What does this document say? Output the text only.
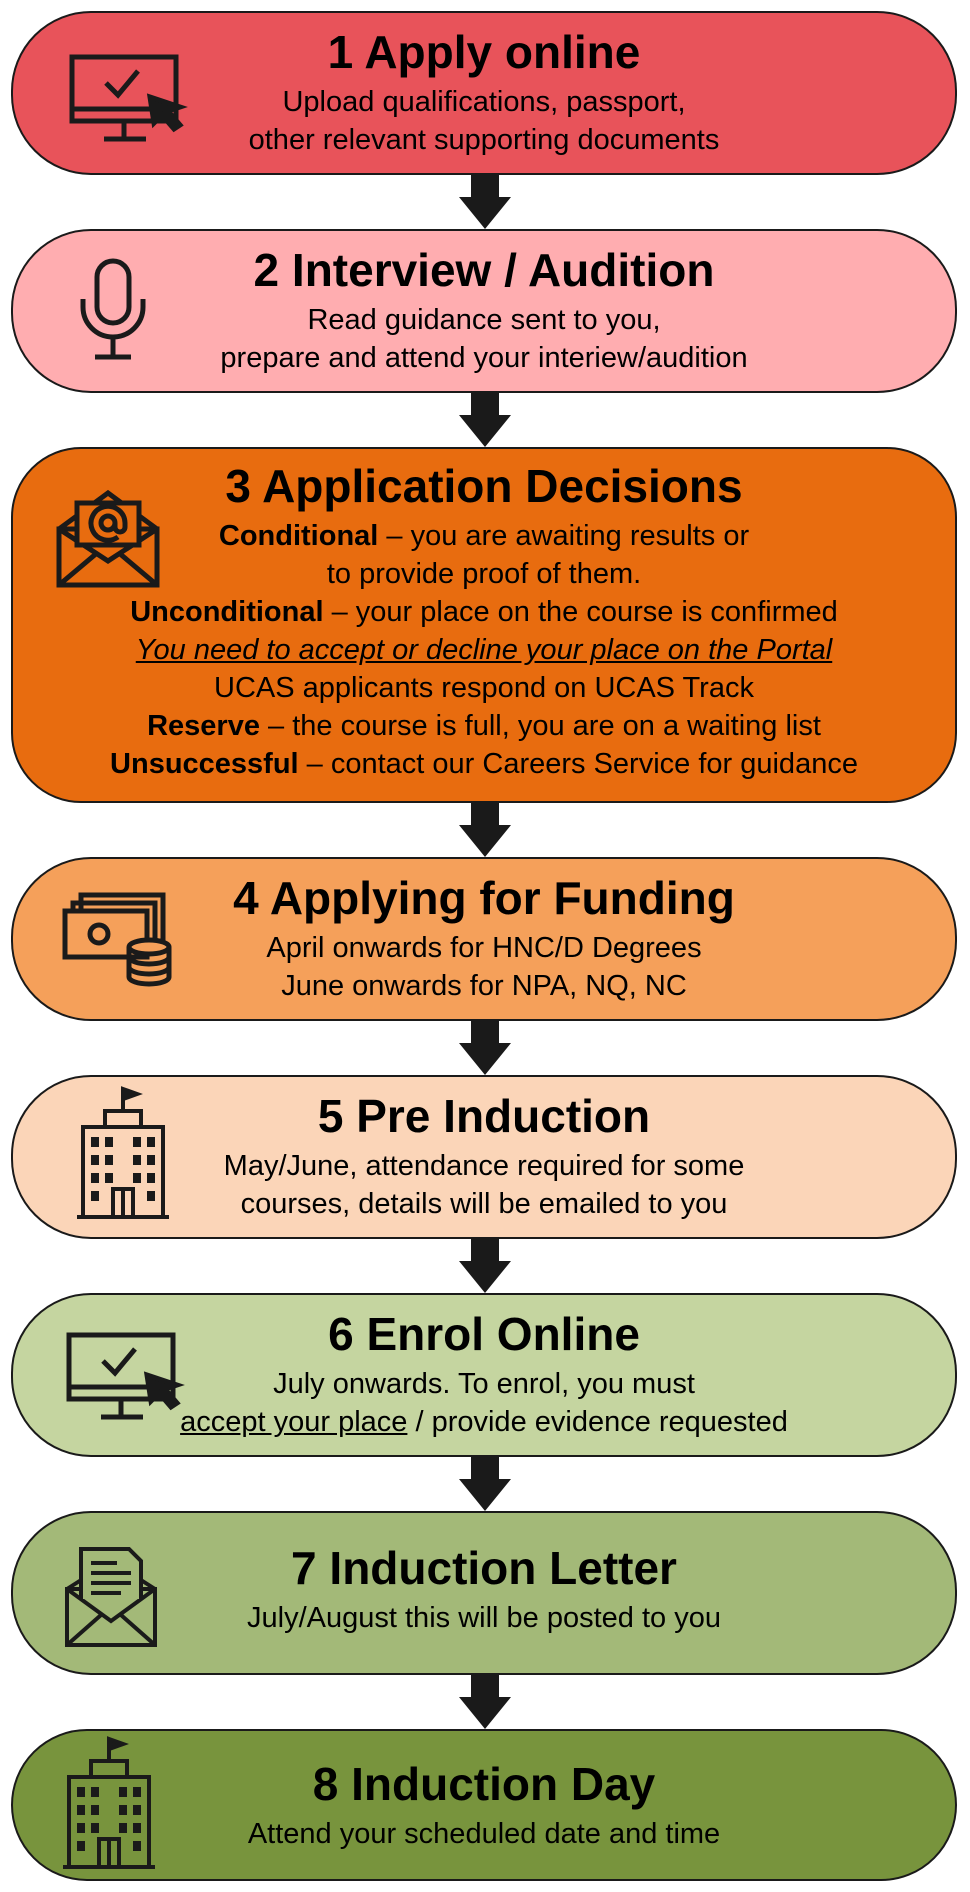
1 Apply online
Upload qualifications, passport,
other relevant supporting documents
2 Interview / Audition
Read guidance sent to you,
prepare and attend your interiew/audition
3 Application Decisions
Conditional – you are awaiting results or
to provide proof of them.
Unconditional – your place on the course is confirmed
You need to accept or decline your place on the Portal
UCAS applicants respond on UCAS Track
Reserve – the course is full, you are on a waiting list
Unsuccessful – contact our Careers Service for guidance
4 Applying for Funding
April onwards for HNC/D Degrees
June onwards for NPA, NQ, NC
5 Pre Induction
May/June, attendance required for some
courses, details will be emailed to you
6 Enrol Online
July onwards. To enrol, you must
accept your place / provide evidence requested
7 Induction Letter
July/August this will be posted to you
8 Induction Day
Attend your scheduled date and time
